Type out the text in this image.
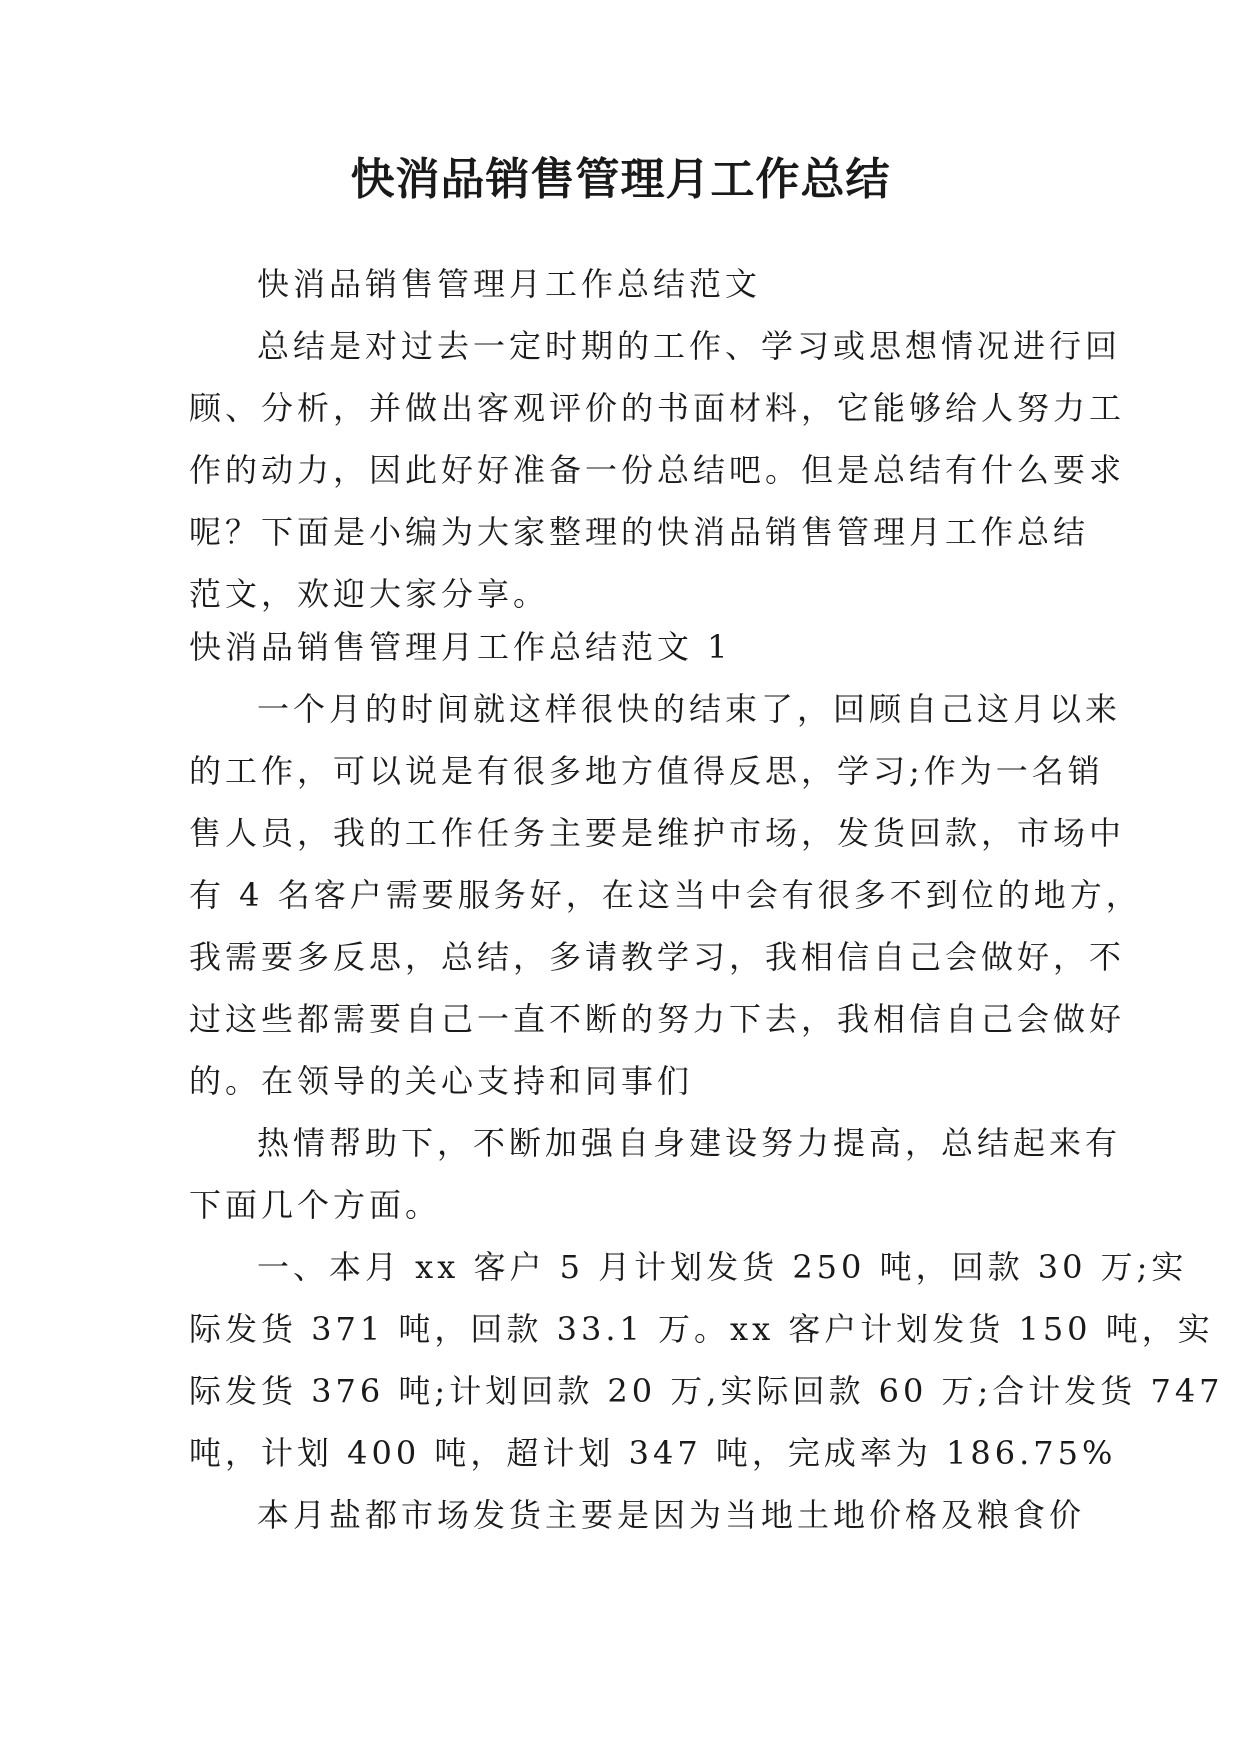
快消品销售管理月工作总结
快消品销售管理月工作总结范文
总结是对过去一定时期的工作、学习或思想情况进行回
顾、分析，并做出客观评价的书面材料，它能够给人努力工
作的动力，因此好好准备一份总结吧。但是总结有什么要求
呢？下面是小编为大家整理的快消品销售管理月工作总结
范文，欢迎大家分享。
快消品销售管理月工作总结范文 1
一个月的时间就这样很快的结束了，回顾自己这月以来
的工作，可以说是有很多地方值得反思，学习;作为一名销
售人员，我的工作任务主要是维护市场，发货回款，市场中
有 4 名客户需要服务好，在这当中会有很多不到位的地方，
我需要多反思，总结，多请教学习，我相信自己会做好，不
过这些都需要自己一直不断的努力下去，我相信自己会做好
的。在领导的关心支持和同事们
热情帮助下，不断加强自身建设努力提高，总结起来有
下面几个方面。
一、本月 xx 客户 5 月计划发货 250 吨，回款 30 万;实
际发货 371 吨，回款 33.1 万。xx 客户计划发货 150 吨，实
际发货 376 吨;计划回款 20 万,实际回款 60 万;合计发货 747
吨，计划 400 吨，超计划 347 吨，完成率为 186.75%
本月盐都市场发货主要是因为当地土地价格及粮食价
